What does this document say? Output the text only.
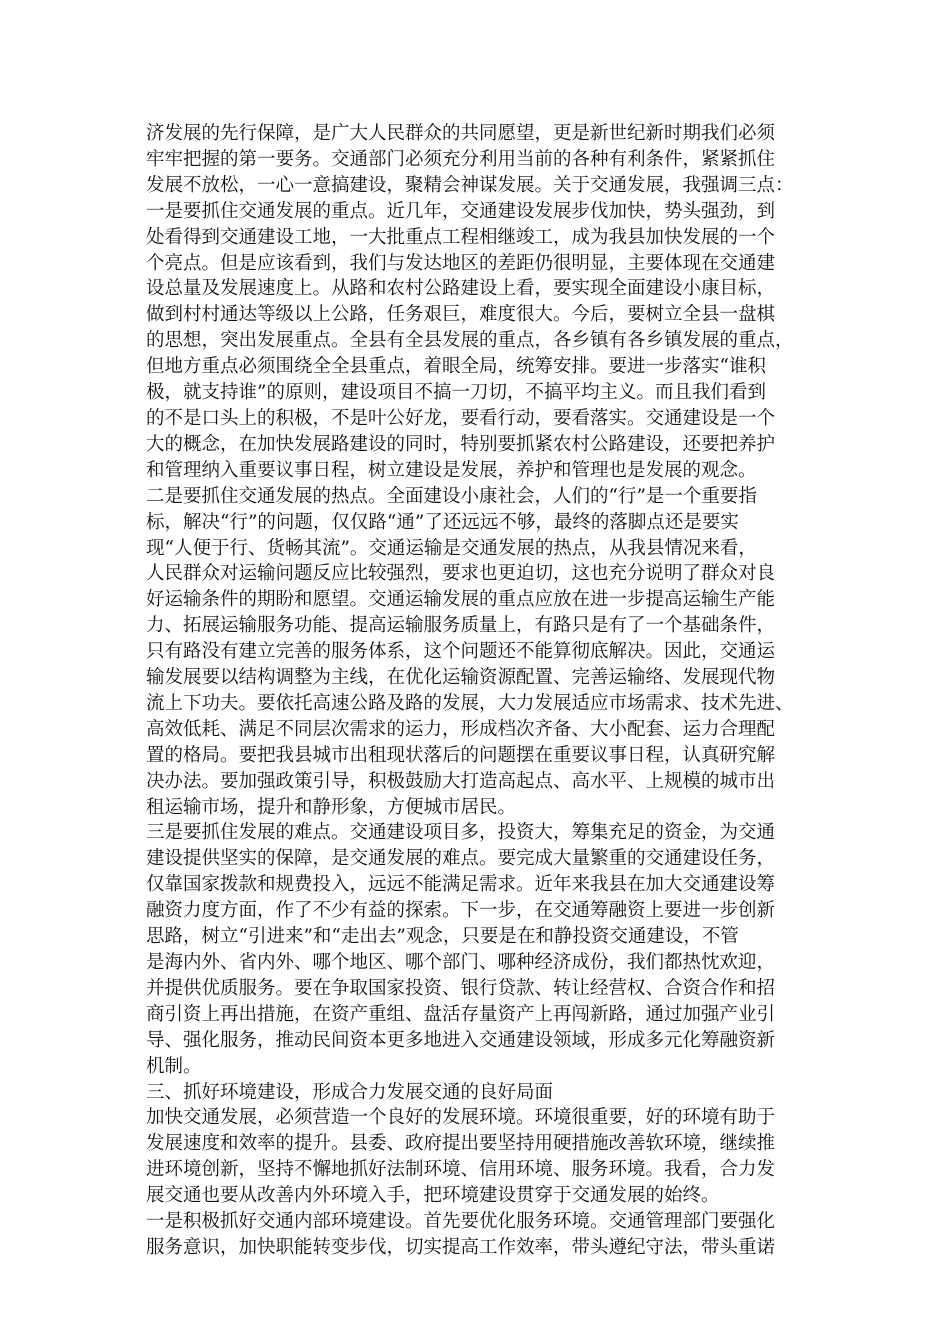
济发展的先行保障，是广大人民群众的共同愿望，更是新世纪新时期我们必须
牢牢把握的第一要务。交通部门必须充分利用当前的各种有利条件，紧紧抓住
发展不放松，一心一意搞建设，聚精会神谋发展。关于交通发展，我强调三点：
一是要抓住交通发展的重点。近几年，交通建设发展步伐加快，势头强劲，到
处看得到交通建设工地，一大批重点工程相继竣工，成为我县加快发展的一个
个亮点。但是应该看到，我们与发达地区的差距仍很明显，主要体现在交通建
设总量及发展速度上。从路和农村公路建设上看，要实现全面建设小康目标，
做到村村通达等级以上公路，任务艰巨，难度很大。今后，要树立全县一盘棋
的思想，突出发展重点。全县有全县发展的重点，各乡镇有各乡镇发展的重点，
但地方重点必须围绕全全县重点，着眼全局，统筹安排。要进一步落实“谁积
极，就支持谁”的原则，建设项目不搞一刀切，不搞平均主义。而且我们看到
的不是口头上的积极，不是叶公好龙，要看行动，要看落实。交通建设是一个
大的概念，在加快发展路建设的同时，特别要抓紧农村公路建设，还要把养护
和管理纳入重要议事日程，树立建设是发展，养护和管理也是发展的观念。
二是要抓住交通发展的热点。全面建设小康社会，人们的“行”是一个重要指
标，解决“行”的问题，仅仅路“通”了还远远不够，最终的落脚点还是要实
现“人便于行、货畅其流”。交通运输是交通发展的热点，从我县情况来看，
人民群众对运输问题反应比较强烈，要求也更迫切，这也充分说明了群众对良
好运输条件的期盼和愿望。交通运输发展的重点应放在进一步提高运输生产能
力、拓展运输服务功能、提高运输服务质量上，有路只是有了一个基础条件，
只有路没有建立完善的服务体系，这个问题还不能算彻底解决。因此，交通运
输发展要以结构调整为主线，在优化运输资源配置、完善运输络、发展现代物
流上下功夫。要依托高速公路及路的发展，大力发展适应市场需求、技术先进、
高效低耗、满足不同层次需求的运力，形成档次齐备、大小配套、运力合理配
置的格局。要把我县城市出租现状落后的问题摆在重要议事日程，认真研究解
决办法。要加强政策引导，积极鼓励大打造高起点、高水平、上规模的城市出
租运输市场，提升和静形象，方便城市居民。
三是要抓住发展的难点。交通建设项目多，投资大，筹集充足的资金，为交通
建设提供坚实的保障，是交通发展的难点。要完成大量繁重的交通建设任务，
仅靠国家拨款和规费投入，远远不能满足需求。近年来我县在加大交通建设筹
融资力度方面，作了不少有益的探索。下一步，在交通筹融资上要进一步创新
思路，树立“引进来”和“走出去”观念，只要是在和静投资交通建设，不管
是海内外、省内外、哪个地区、哪个部门、哪种经济成份，我们都热忱欢迎，
并提供优质服务。要在争取国家投资、银行贷款、转让经营权、合资合作和招
商引资上再出措施，在资产重组、盘活存量资产上再闯新路，通过加强产业引
导、强化服务，推动民间资本更多地进入交通建设领域，形成多元化筹融资新
机制。
三、抓好环境建设，形成合力发展交通的良好局面
加快交通发展，必须营造一个良好的发展环境。环境很重要，好的环境有助于
发展速度和效率的提升。县委、政府提出要坚持用硬措施改善软环境，继续推
进环境创新，坚持不懈地抓好法制环境、信用环境、服务环境。我看，合力发
展交通也要从改善内外环境入手，把环境建设贯穿于交通发展的始终。
一是积极抓好交通内部环境建设。首先要优化服务环境。交通管理部门要强化
服务意识，加快职能转变步伐，切实提高工作效率，带头遵纪守法，带头重诺
